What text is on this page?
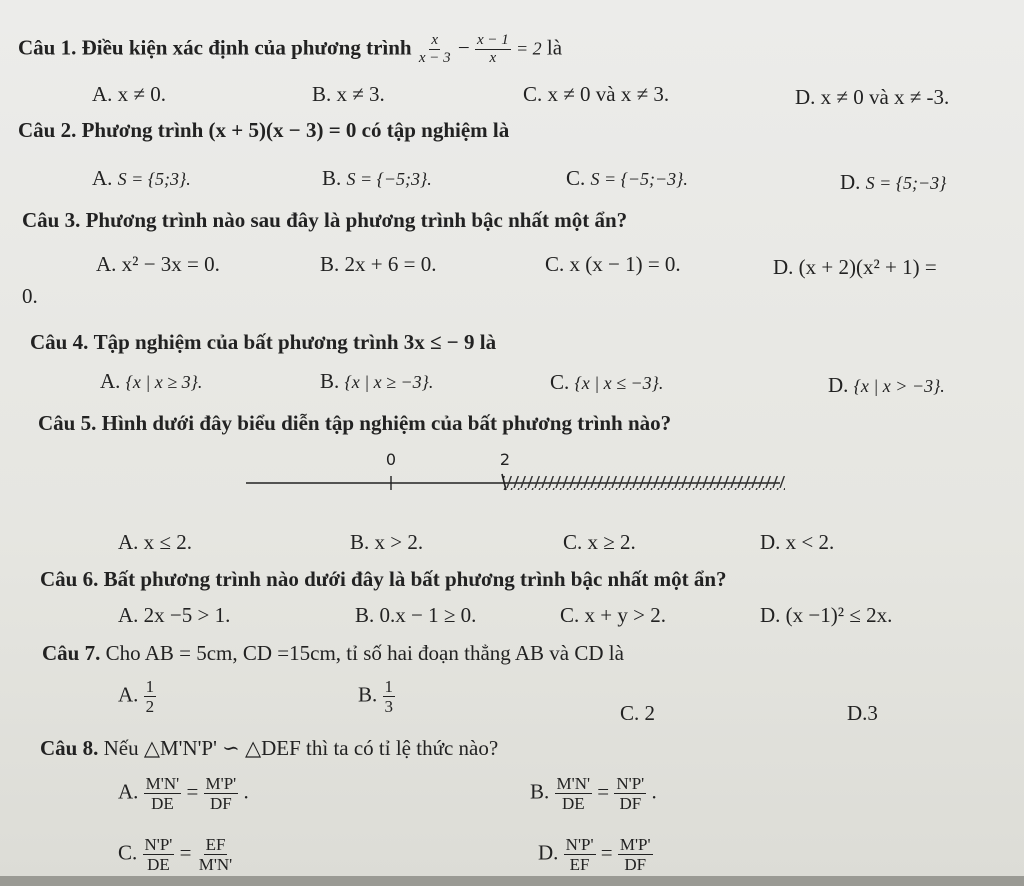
Câu 1. Điều kiện xác định của phương trình $\frac{x}{x - 3} - \frac{x - 1}{x} = 2$ là
A. x ≠ 0.	B. x ≠ 3.	C. x ≠ 0 và x ≠ 3.	D. x ≠ 0 và x ≠ -3.
Câu 2. Phương trình (x + 5)(x − 3) = 0 có tập nghiệm là
A. S = {5;3}.	B. S = {−5;3}.	C. S = {−5;−3}.	D. S = {5;−3}
Câu 3. Phương trình nào sau đây là phương trình bậc nhất một ẩn?
A. x² − 3x = 0.	B. 2x + 6 = 0.	C. x (x − 1) = 0.	D. (x + 2)(x² + 1) =
0.
Câu 4. Tập nghiệm của bất phương trình 3x ≤ − 9 là
A. {x | x ≥ 3}.	B. {x | x ≥ −3}.	C. {x | x ≤ −3}.	D. {x | x > −3}.
Câu 5. Hình dưới đây biểu diễn tập nghiệm của bất phương trình nào?
0	2
A. x ≤ 2.	B. x > 2.	C. x ≥ 2.	D. x < 2.
Câu 6. Bất phương trình nào dưới đây là bất phương trình bậc nhất một ẩn?
A. 2x −5 > 1.	B. 0.x − 1 ≥ 0.	C. x + y > 2.	D. (x −1)² ≤ 2x.
Câu 7. Cho AB = 5cm, CD =15cm, tỉ số hai đoạn thẳng AB và CD là
A. $\frac{1}{2}$	B. $\frac{1}{3}$	C. 2	D.3
Câu 8. Nếu △M'N'P' ∽ △DEF thì ta có tỉ lệ thức nào?
A. $\frac{M'N'}{DE} = \frac{M'P'}{DF}$ .	B. $\frac{M'N'}{DE} = \frac{N'P'}{DF}$ .
C. $\frac{N'P'}{DE} = \frac{EF}{M'N'}$	D. $\frac{N'P'}{EF} = \frac{M'P'}{DF}$
